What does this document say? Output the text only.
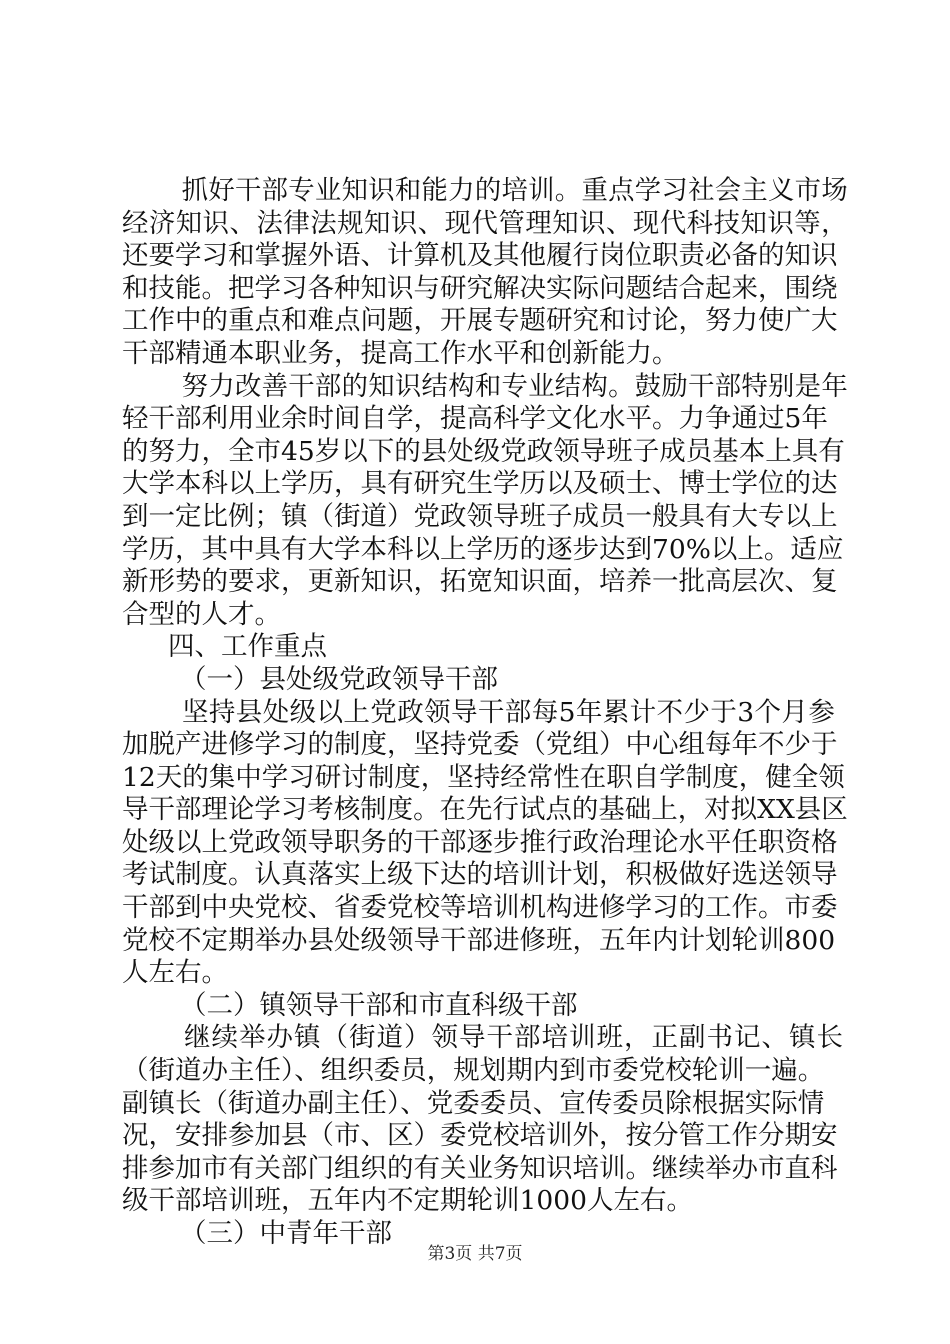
抓好干部专业知识和能力的培训。重点学习社会主义市场
经济知识、法律法规知识、现代管理知识、现代科技知识等，
还要学习和掌握外语、计算机及其他履行岗位职责必备的知识
和技能。把学习各种知识与研究解决实际问题结合起来，围绕
工作中的重点和难点问题，开展专题研究和讨论，努力使广大
干部精通本职业务，提高工作水平和创新能力。
努力改善干部的知识结构和专业结构。鼓励干部特别是年
轻干部利用业余时间自学，提高科学文化水平。力争通过5年
的努力，全市45岁以下的县处级党政领导班子成员基本上具有
大学本科以上学历，具有研究生学历以及硕士、博士学位的达
到一定比例；镇（街道）党政领导班子成员一般具有大专以上
学历，其中具有大学本科以上学历的逐步达到70%以上。适应
新形势的要求，更新知识，拓宽知识面，培养一批高层次、复
合型的人才。
四、工作重点
（一）县处级党政领导干部
坚持县处级以上党政领导干部每5年累计不少于3个月参
加脱产进修学习的制度，坚持党委（党组）中心组每年不少于
12天的集中学习研讨制度，坚持经常性在职自学制度，健全领
导干部理论学习考核制度。在先行试点的基础上，对拟XX县区
处级以上党政领导职务的干部逐步推行政治理论水平任职资格
考试制度。认真落实上级下达的培训计划，积极做好选送领导
干部到中央党校、省委党校等培训机构进修学习的工作。市委
党校不定期举办县处级领导干部进修班，五年内计划轮训800
人左右。
（二）镇领导干部和市直科级干部
继续举办镇（街道）领导干部培训班，正副书记、镇长
（街道办主任）、组织委员，规划期内到市委党校轮训一遍。
副镇长（街道办副主任）、党委委员、宣传委员除根据实际情
况，安排参加县（市、区）委党校培训外，按分管工作分期安
排参加市有关部门组织的有关业务知识培训。继续举办市直科
级干部培训班，五年内不定期轮训1000人左右。
（三）中青年干部
第3页 共7页
